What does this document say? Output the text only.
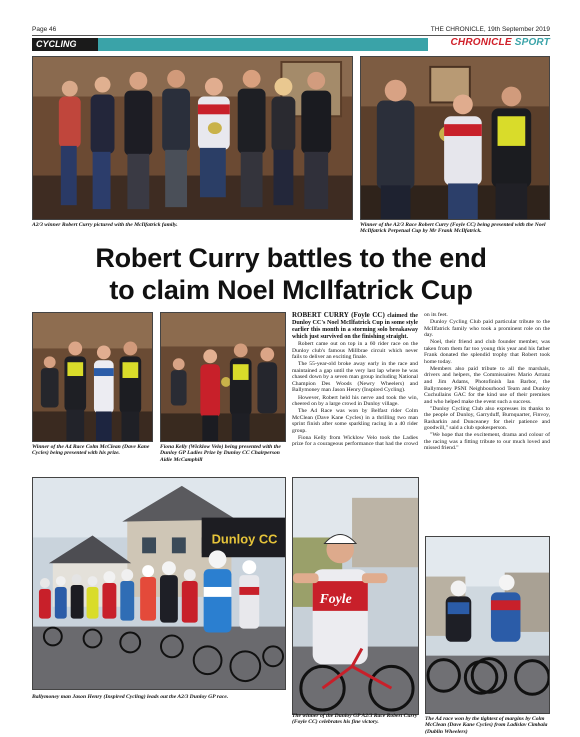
Page 46	THE CHRONICLE, 19th September 2019
CYCLING	CHRONICLE SPORT
A2/3 winner Robert Curry pictured with the McIlfatrick family.	Winner of the A2/3 Race Robert Curry (Foyle CC) being presented with the Noel McIlfatrick Perpetual Cup by Mr Frank McIlfatrick.
Robert Curry battles to the end
to claim Noel McIlfatrick Cup
Winner of the A4 Race Colm McClean (Dave Kane Cycles) being presented with his prize.
Fiona Kelly (Wicklow Velo) being presented with the Dunloy GP Ladies Prize by Dunloy CC Chairperson Aidie McCamphill

ROBERT CURRY (Foyle CC) claimed the Dunloy CC's Noel McIlfatrick Cup in some style earlier this month in a storming solo breakaway which just survived on the finishing straight.

Robert came out on top in a 60 rider race on the Dunloy club's famous Millbrae circuit which never fails to deliver an exciting finale.

The 55-year-old broke away early in the race and maintained a gap until the very last lap where he was chased down by a seven man group including National Champion Des Woods (Newry Wheelers) and Ballymoney man Jason Henry (Inspired Cycling).

However, Robert held his nerve and took the win, cheered on by a large crowd in Dunloy village.

The A4 Race was won by Belfast rider Colm McClean (Dave Kane Cycles) in a thrilling two man sprint finish after some sparkling racing in a 40 rider group.

Fiona Kelly from Wicklow Velo took the Ladies prize for a courageous performance that had the crowd on its feet.

Dunloy Cycling Club paid particular tribute to the McIlfatrick family who took a prominent role on the day.

Noel, their friend and club founder member, was taken from them far too young this year and his father Frank donated the splendid trophy that Robert took home today.

Members also paid tribute to all the marshals, drivers and helpers, the Commissaires Mario Arranz and Jim Adams, Photofinish Ian Barbor, the Ballymoney PSNI Neighbourhood Team and Dunloy Cuchullains GAC for the kind use of their premises and who helped make the event such a success.

"Dunloy Cycling Club also expresses its thanks to the people of Dunloy, Garryduff, Burnquarter, Finvoy, Rasharkin and Dunceaney for their patience and goodwill," said a club spokesperson.

"We hope that the excitement, drama and colour of the racing was a fitting tribute to our much loved and missed friend."

Dunloy CC
Ballymoney man Jason Henry (Inspired Cycling) leads out the A2/3 Dunloy GP race.
Foyle
The winner of the Dunloy GP A2/3 Race Robert Curry (Foyle CC) celebrates his fine victory.
The A4 race won by the tightest of margins by Colm McClean (Dave Kane Cycles) from Ladislav Cimbala (Dublin Wheelers)
